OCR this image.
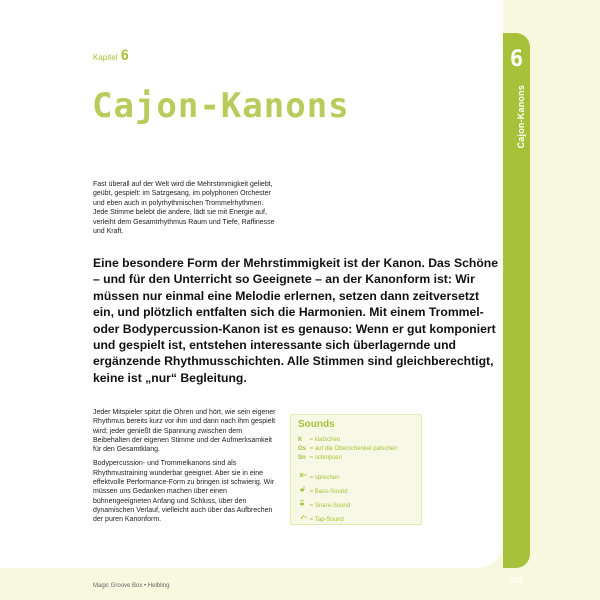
Kapitel 6
Cajon-Kanons
Fast überall auf der Welt wird die Mehrstimmigkeit geliebt, geübt, gespielt: im Satzgesang, im polyphonen Orchester und eben auch in polyrhythmischen Trommelrhythmen. Jede Stimme belebt die andere, lädt sie mit Energie auf, verleiht dem Gesamtrhythmus Raum und Tiefe, Raffinesse und Kraft.
Eine besondere Form der Mehrstimmigkeit ist der Kanon. Das Schöne – und für den Unterricht so Geeignete – an der Kanonform ist: Wir müssen nur einmal eine Melodie erlernen, setzen dann zeitversetzt ein, und plötzlich entfalten sich die Harmonien. Mit einem Trommel- oder Bodypercussion-Kanon ist es genauso: Wenn er gut komponiert und gespielt ist, entstehen interessante sich überlagernde und ergänzende Rhythmusschichten. Alle Stimmen sind gleichberechtigt, keine ist „nur“ Begleitung.

Jeder Mitspieler spitzt die Ohren und hört, wie sein eigener Rhythmus bereits kurz vor ihm und dann nach ihm gespielt wird; jeder genießt die Spannung zwischen dem Beibehalten der eigenen Stimme und der Aufmerksamkeit für den Gesamtklang.

Bodypercussion- und Trommelkanons sind als Rhythmustraining wunderbar geeignet. Aber sie in eine effektvolle Performance-Form zu bringen ist schwierig. Wir müssen uns Gedanken machen über einen bühnengeeigneten Anfang und Schluss, über den dynamischen Verlauf, vielleicht auch über das Aufbrechen der puren Kanonform.

Sounds
K = klatschen
Os = auf die Oberschenkel patschen
Sn = schnipsen
= sprechen
= Bass-Sound
= Snare-Sound
= Tap-Sound
6
Cajon-Kanons
079
Magic Groove Box • Helbling
